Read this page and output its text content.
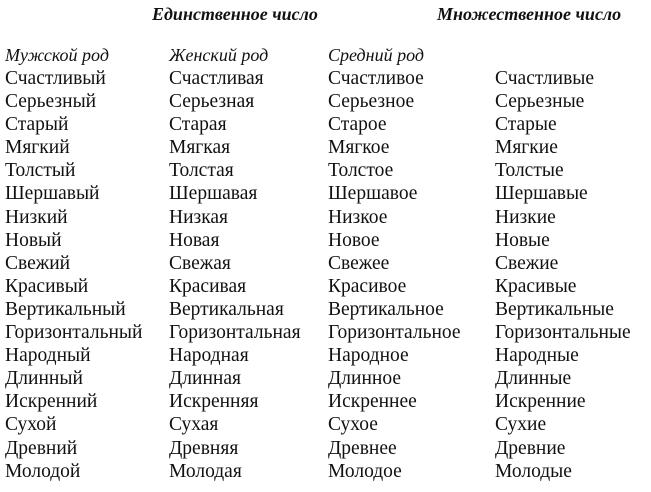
Единственное число	Множественное число
Мужской род
Счастливый
Серьезный
Старый
Мягкий
Толстый
Шершавый
Низкий
Новый
Свежий
Красивый
Вертикальный
Горизонтальный
Народный
Длинный
Искренний
Сухой
Древний
Молодой
Женский род
Счастливая
Серьезная
Старая
Мягкая
Толстая
Шершавая
Низкая
Новая
Свежая
Красивая
Вертикальная
Горизонтальная
Народная
Длинная
Искренняя
Сухая
Древняя
Молодая
Средний род
Счастливое
Серьезное
Старое
Мягкое
Толстое
Шершавое
Низкое
Новое
Свежее
Красивое
Вертикальное
Горизонтальное
Народное
Длинное
Искреннее
Сухое
Древнее
Молодое
Счастливые
Серьезные
Старые
Мягкие
Толстые
Шершавые
Низкие
Новые
Свежие
Красивые
Вертикальные
Горизонтальные
Народные
Длинные
Искренние
Сухие
Древние
Молодые
